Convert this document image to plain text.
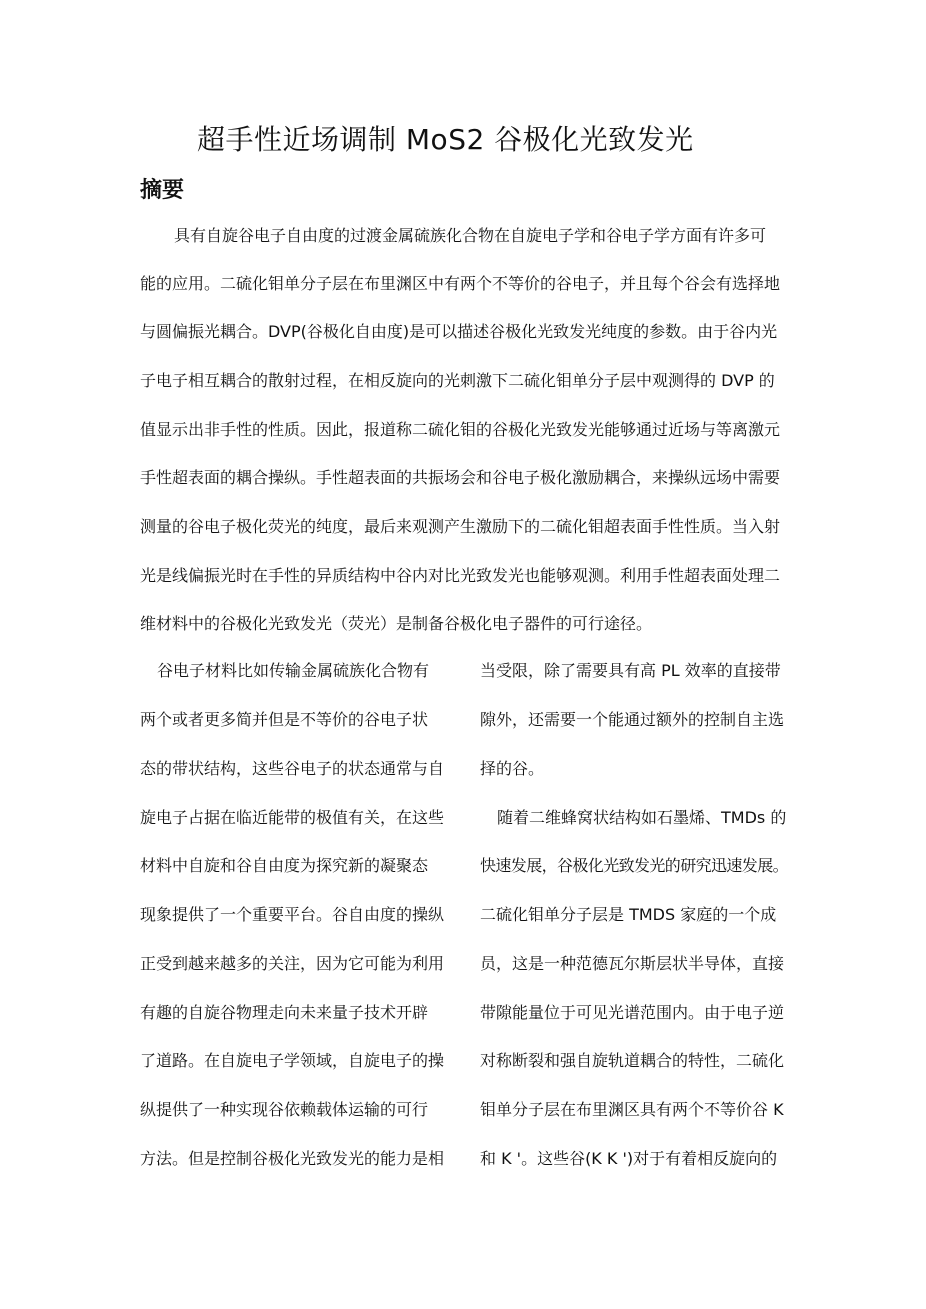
超手性近场调制 MoS2 谷极化光致发光
摘要
具有自旋谷电子自由度的过渡金属硫族化合物在自旋电子学和谷电子学方面有许多可
能的应用。二硫化钼单分子层在布里渊区中有两个不等价的谷电子，并且每个谷会有选择地
与圆偏振光耦合。DVP(谷极化自由度)是可以描述谷极化光致发光纯度的参数。由于谷内光
子电子相互耦合的散射过程，在相反旋向的光刺激下二硫化钼单分子层中观测得的 DVP 的
值显示出非手性的性质。因此，报道称二硫化钼的谷极化光致发光能够通过近场与等离激元
手性超表面的耦合操纵。手性超表面的共振场会和谷电子极化激励耦合，来操纵远场中需要
测量的谷电子极化荧光的纯度，最后来观测产生激励下的二硫化钼超表面手性性质。当入射
光是线偏振光时在手性的异质结构中谷内对比光致发光也能够观测。利用手性超表面处理二
维材料中的谷极化光致发光（荧光）是制备谷极化电子器件的可行途径。
谷电子材料比如传输金属硫族化合物有
两个或者更多简并但是不等价的谷电子状
态的带状结构，这些谷电子的状态通常与自
旋电子占据在临近能带的极值有关，在这些
材料中自旋和谷自由度为探究新的凝聚态
现象提供了一个重要平台。谷自由度的操纵
正受到越来越多的关注，因为它可能为利用
有趣的自旋谷物理走向未来量子技术开辟
了道路。在自旋电子学领域，自旋电子的操
纵提供了一种实现谷依赖载体运输的可行
方法。但是控制谷极化光致发光的能力是相
当受限，除了需要具有高 PL 效率的直接带
隙外，还需要一个能通过额外的控制自主选
择的谷。
随着二维蜂窝状结构如石墨烯、TMDs 的
快速发展，谷极化光致发光的研究迅速发展。
二硫化钼单分子层是 TMDS 家庭的一个成
员，这是一种范德瓦尔斯层状半导体，直接
带隙能量位于可见光谱范围内。由于电子逆
对称断裂和强自旋轨道耦合的特性，二硫化
钼单分子层在布里渊区具有两个不等价谷 K
和 K '。这些谷(K K ')对于有着相反旋向的
